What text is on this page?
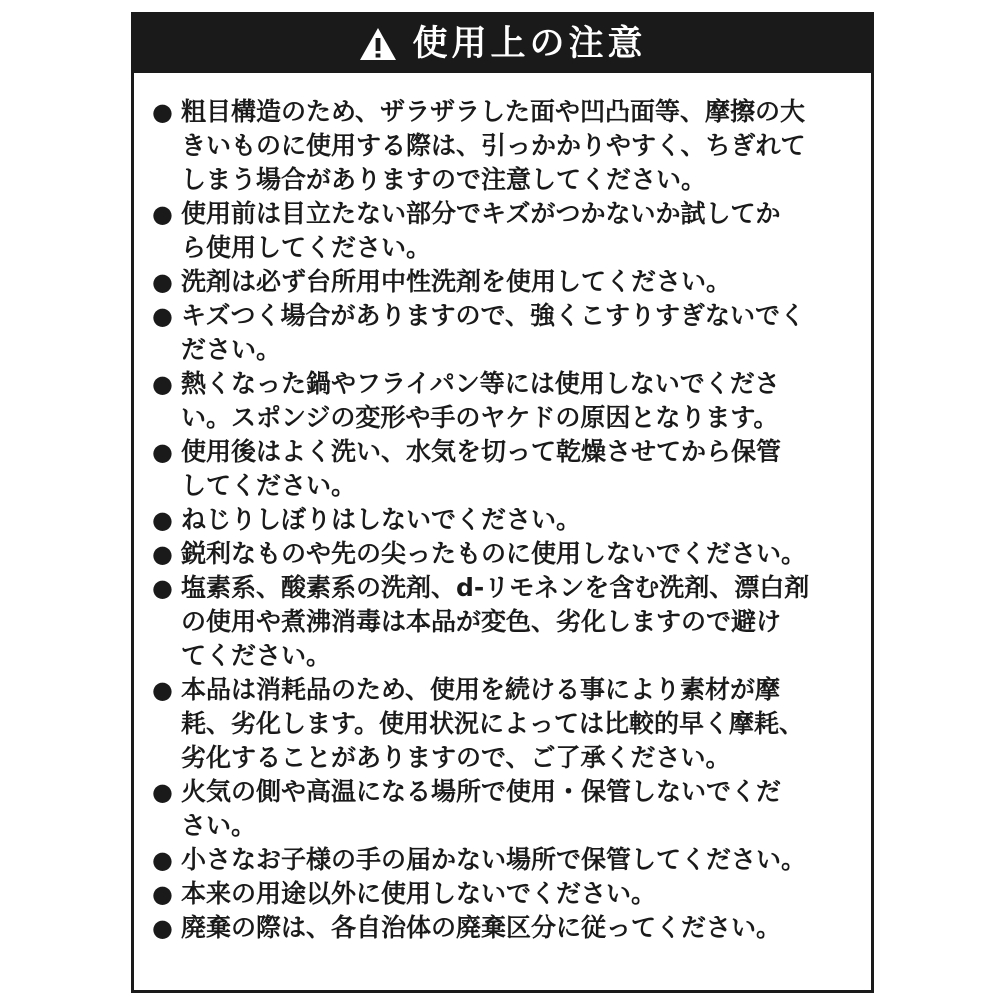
使用上の注意
● 粗目構造のため、ザラザラした面や凹凸面等、摩擦の大
きいものに使用する際は、引っかかりやすく、ちぎれて
しまう場合がありますので注意してください。
● 使用前は目立たない部分でキズがつかないか試してか
ら使用してください。
● 洗剤は必ず台所用中性洗剤を使用してください。
● キズつく場合がありますので、強くこすりすぎないでく
ださい。
● 熱くなった鍋やフライパン等には使用しないでくださ
い。スポンジの変形や手のヤケドの原因となります。
● 使用後はよく洗い、水気を切って乾燥させてから保管
してください。
● ねじりしぼりはしないでください。
● 鋭利なものや先の尖ったものに使用しないでください。
● 塩素系、酸素系の洗剤、d-リモネンを含む洗剤、漂白剤
の使用や煮沸消毒は本品が変色、劣化しますので避け
てください。
● 本品は消耗品のため、使用を続ける事により素材が摩
耗、劣化します。使用状況によっては比較的早く摩耗、
劣化することがありますので、ご了承ください。
● 火気の側や高温になる場所で使用・保管しないでくだ
さい。
● 小さなお子様の手の届かない場所で保管してください。
● 本来の用途以外に使用しないでください。
● 廃棄の際は、各自治体の廃棄区分に従ってください。
